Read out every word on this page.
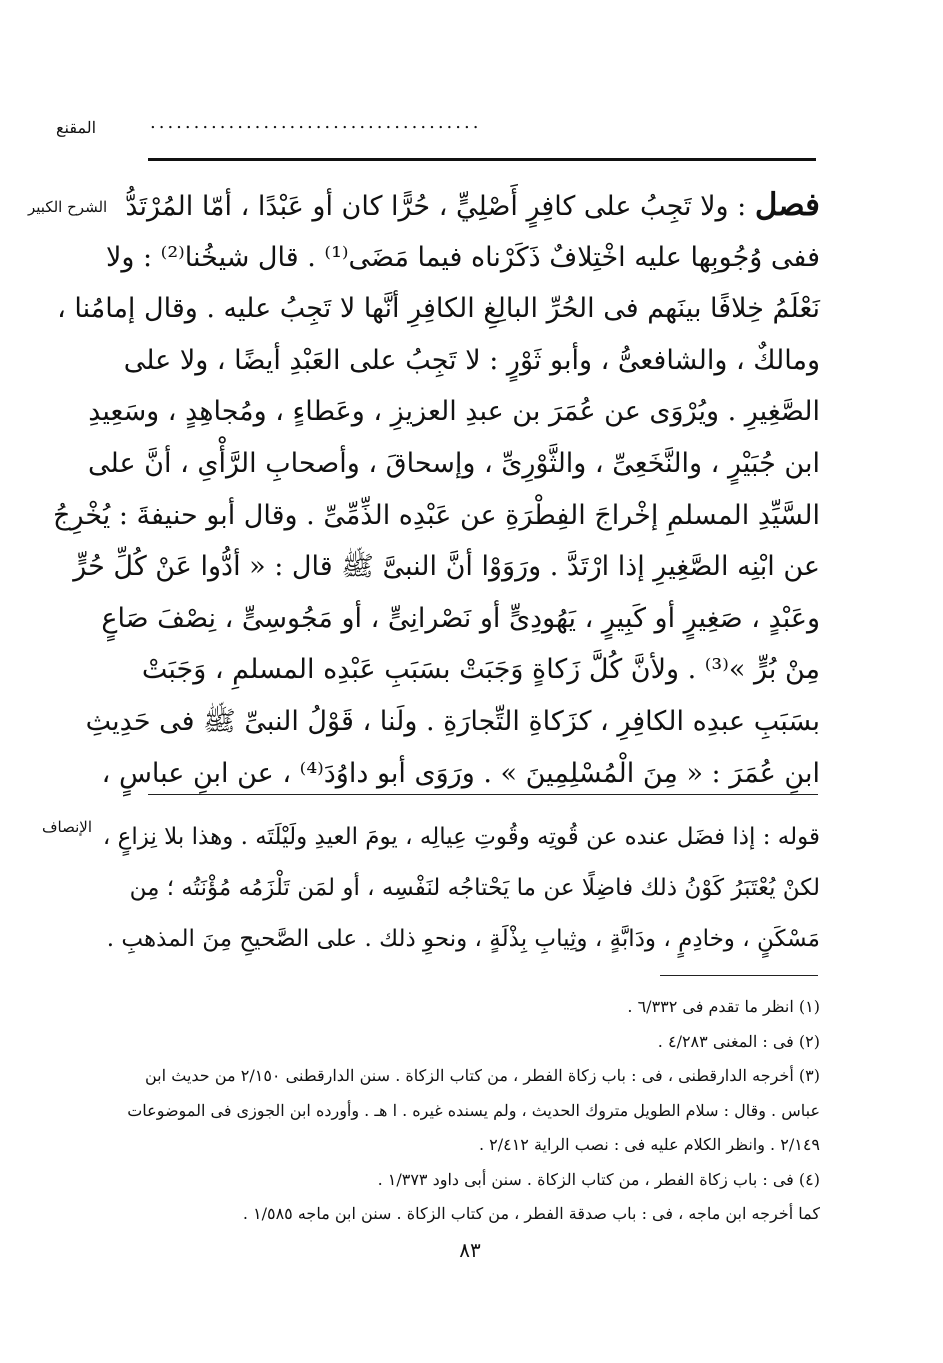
المقنع	......................................
الشرح الكبير
الإنصاف
فصل : ولا تَجِبُ على كافِرٍ أَصْلِيٍّ ، حُرًّا كان أو عَبْدًا ، أمّا المُرْتَدُّ
ففى وُجُوبِها عليه اخْتِلافٌ ذَكَرْناه فيما مَضَى⁽¹⁾ . قال شيخُنا⁽²⁾ : ولا
نَعْلَمُ خِلافًا بينَهم فى الحُرِّ البالِغِ الكافِرِ أنَّها لا تَجِبُ عليه . وقال إمامُنا ،
ومالكٌ ، والشافعىُّ ، وأبو ثَوْرٍ : لا تَجِبُ على العَبْدِ أيضًا ، ولا على
الصَّغِيرِ . ويُرْوَى عن عُمَرَ بن عبدِ العزيزِ ، وعَطاءٍ ، ومُجاهِدٍ ، وسَعِيدِ
ابن جُبَيْرٍ ، والنَّخَعِىِّ ، والثَّوْرِىِّ ، وإسحاقَ ، وأصحابِ الرَّأْىِ ، أنَّ على
السَّيِّدِ المسلمِ إخْراجَ الفِطْرَةِ عن عَبْدِه الذِّمِّىِّ . وقال أبو حنيفةَ : يُخْرِجُ
عن ابْنِه الصَّغِيرِ إذا ارْتَدَّ . ورَوَوْا أنَّ النبىَّ ﷺ قال : « أدُّوا عَنْ كُلِّ حُرٍّ
وعَبْدٍ ، صَغِيرٍ أو كَبِيرٍ ، يَهُودِىٍّ أو نَصْرانِىٍّ ، أو مَجُوسِىٍّ ، نِصْفَ صَاعٍ
مِنْ بُرٍّ »⁽³⁾ . ولأنَّ كُلَّ زَكاةٍ وَجَبَتْ بسَبَبِ عَبْدِه المسلمِ ، وَجَبَتْ
بسَبَبِ عبدِه الكافِرِ ، كزَكاةِ التِّجارَةِ . ولَنا ، قَوْلُ النبىِّ ﷺ فى حَدِيثِ
ابنِ عُمَرَ : « مِنَ الْمُسْلِمِينَ » . ورَوَى أبو داوُدَ⁽⁴⁾ ، عن ابنِ عباسٍ ،
قوله : إذا فضَل عنده عن قُوتِه وقُوتِ عِيالِه ، يومَ العيدِ ولَيْلَتَه . وهذا بلا نِزاعٍ ،
لكنْ يُعْتَبَرُ كَوْنُ ذلك فاضِلًا عن ما يَحْتاجُه لنَفْسِه ، أو لمَن تَلْزَمُه مُؤْنَتُه ؛ مِن
مَسْكَنٍ ، وخادِمٍ ، ودَابَّةٍ ، وثِيابِ بِذْلَةٍ ، ونحوِ ذلك . على الصَّحيحِ مِنَ المذهبِ .
(١) انظر ما تقدم فى ٦/٣٣٢ .
(٢) فى : المغنى ٤/٢٨٣ .
(٣) أخرجه الدارقطنى ، فى : باب زكاة الفطر ، من كتاب الزكاة . سنن الدارقطنى ٢/١٥٠ من حديث ابن
عباس . وقال : سلام الطويل متروك الحديث ، ولم يسنده غيره . ا هـ . وأورده ابن الجوزى فى الموضوعات
٢/١٤٩ . وانظر الكلام عليه فى : نصب الراية ٢/٤١٢ .
(٤) فى : باب زكاة الفطر ، من كتاب الزكاة . سنن أبى داود ١/٣٧٣ .
كما أخرجه ابن ماجه ، فى : باب صدقة الفطر ، من كتاب الزكاة . سنن ابن ماجه ١/٥٨٥ .
٨٣
